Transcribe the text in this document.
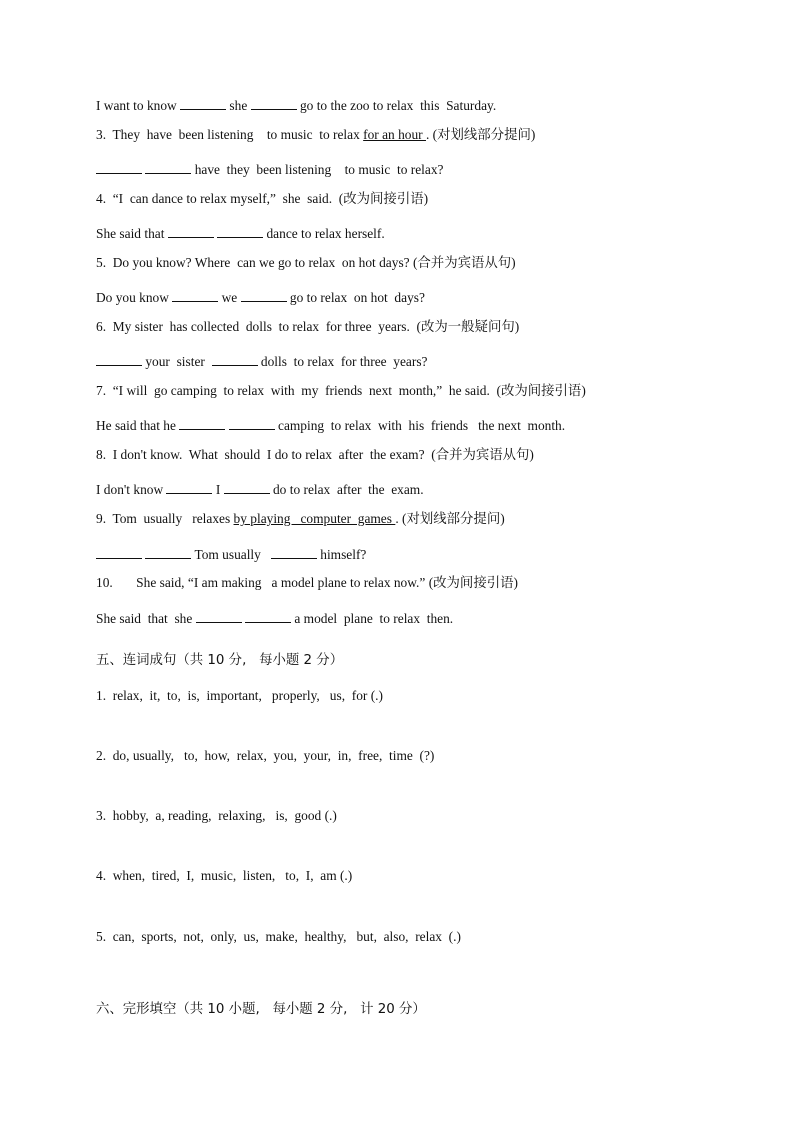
I want to know	she	go to the zoo to relax  this  Saturday.
3.  They  have  been listening    to music  to relax for an hour . (对划线部分提问)
have  they  been listening    to music  to relax?
4.  “I  can dance to relax myself,”  she  said.  (改为间接引语)
She said that	dance to relax herself.
5.  Do you know? Where  can we go to relax  on hot days? (合并为宾语从句)
Do you know	we	go to relax  on hot  days?
6.  My sister  has collected  dolls  to relax  for three  years.  (改为一般疑问句)
your  sister	dolls  to relax  for three  years?
7.  “I will  go camping  to relax  with  my  friends  next  month,”  he said.  (改为间接引语)
He said that he	camping  to relax  with  his  friends   the next  month.
8.  I don't know.  What  should  I do to relax  after  the exam?  (合并为宾语从句)
I don't know	I	do to relax  after  the  exam.
9.  Tom  usually   relaxes by playing   computer  games . (对划线部分提问)
Tom usually	himself?
10.       She said, “I am making   a model plane to relax now.” (改为间接引语)
She said  that  she	a model  plane  to relax  then.
五、连词成句（共 10 分,   每小题 2 分）
1.  relax,  it,  to,  is,  important,   properly,   us,  for (.)
2.  do, usually,   to,  how,  relax,  you,  your,  in,  free,  time  (?)
3.  hobby,  a, reading,  relaxing,   is,  good (.)
4.  when,  tired,  I,  music,  listen,   to,  I,  am (.)
5.  can,  sports,  not,  only,  us,  make,  healthy,   but,  also,  relax  (.)
六、完形填空（共 10 小题,   每小题 2 分,   计 20 分）
